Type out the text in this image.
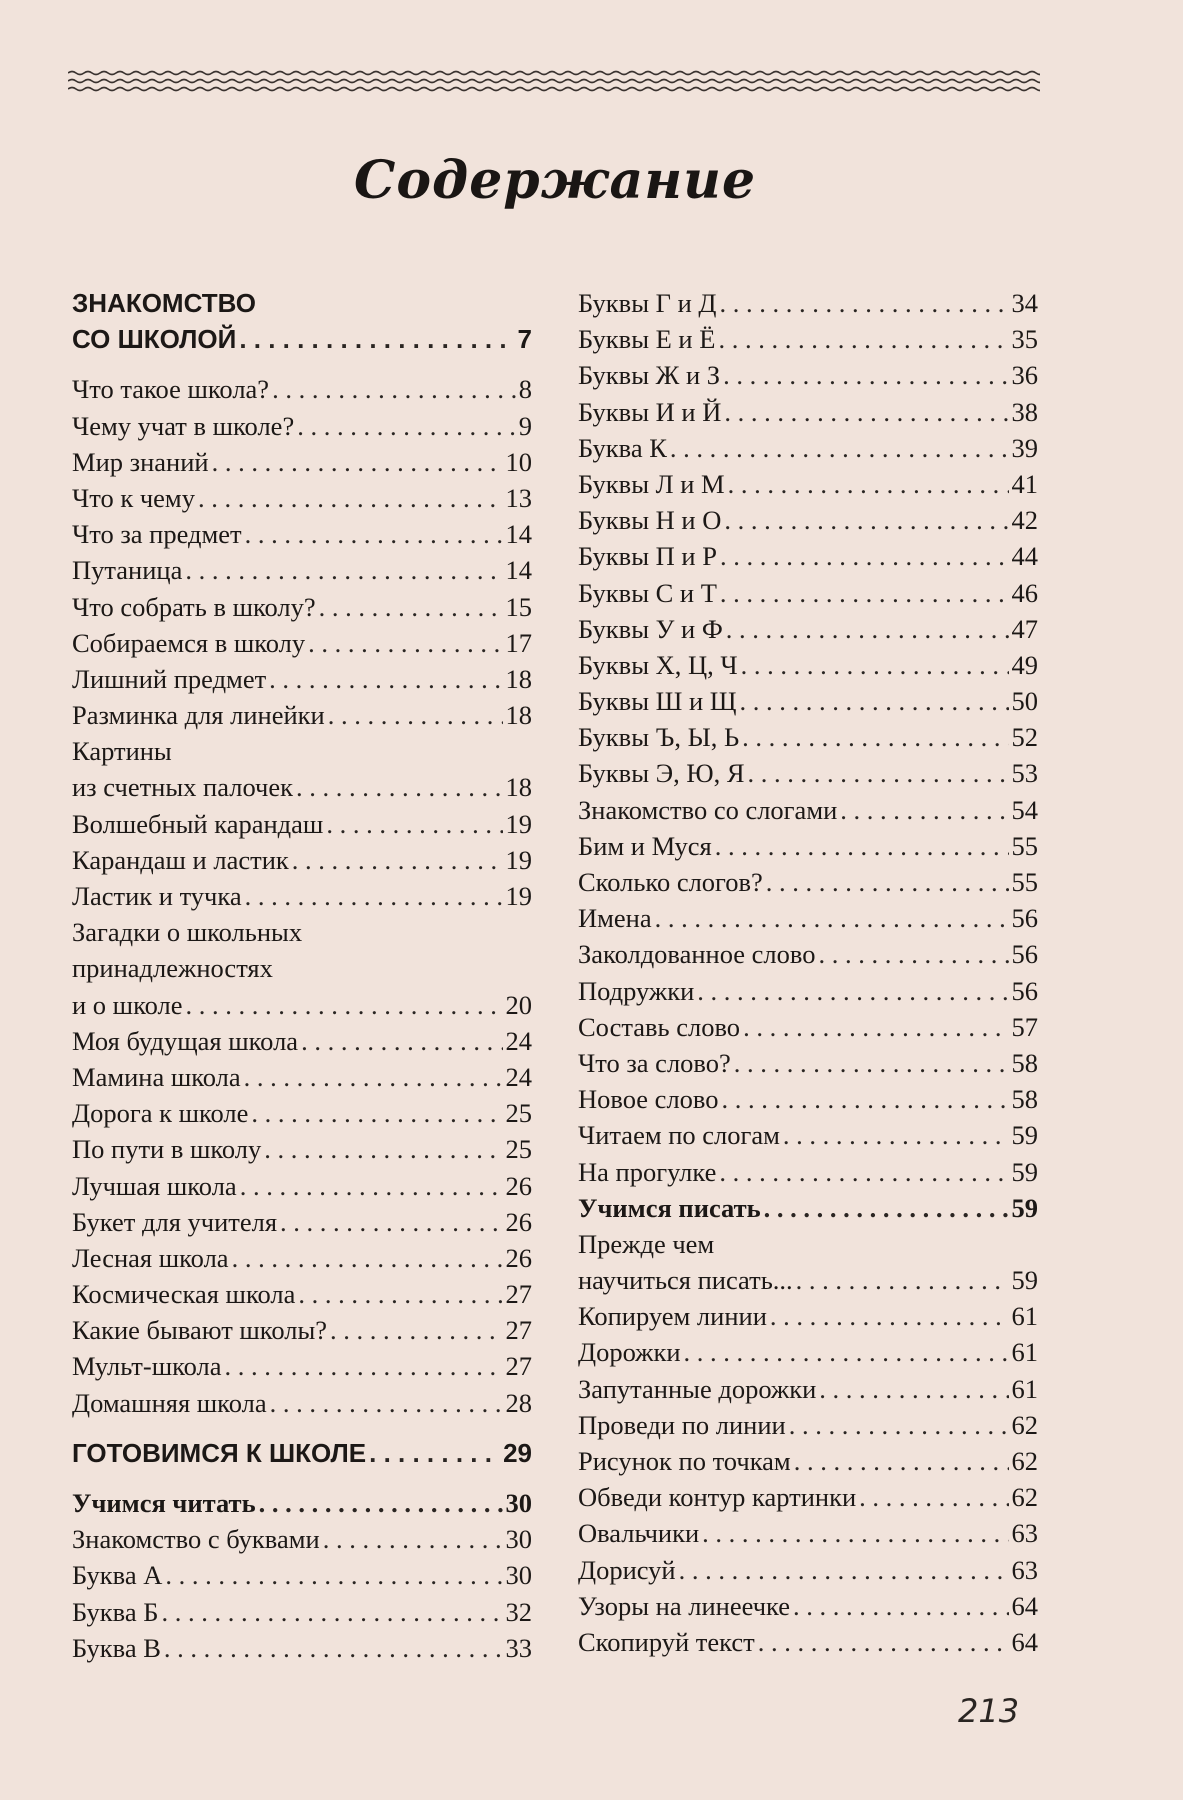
Содержание
ЗНАКОМСТВО
СО ШКОЛОЙ . . .	7
Что такое школа? . . .	8
Чему учат в школе? . . .	9
Мир знаний . . .	10
Что к чему . . .	13
Что за предмет . . .	14
Путаница . . .	14
Что собрать в школу? . . .	15
Собираемся в школу . . .	17
Лишний предмет . . .	18
Разминка для линейки . . .	18
Картины
из счетных палочек . . .	18
Волшебный карандаш . . .	19
Карандаш и ластик . . .	19
Ластик и тучка . . .	19
Загадки о школьных
принадлежностях
и о школе . . .	20
Моя будущая школа . . .	24
Мамина школа . . .	24
Дорога к школе . . .	25
По пути в школу . . .	25
Лучшая школа . . .	26
Букет для учителя . . .	26
Лесная школа . . .	26
Космическая школа . . .	27
Какие бывают школы? . . .	27
Мульт-школа . . .	27
Домашняя школа . . .	28
ГОТОВИМСЯ К ШКОЛЕ . . .	29
Учимся читать . . .	30
Знакомство с буквами . . .	30
Буква А . . .	30
Буква Б . . .	32
Буква В . . .	33
Буквы Г и Д . . .	34
Буквы Е и Ё . . .	35
Буквы Ж и З . . .	36
Буквы И и Й . . .	38
Буква К . . .	39
Буквы Л и М . . .	41
Буквы Н и О . . .	42
Буквы П и Р . . .	44
Буквы С и Т . . .	46
Буквы У и Ф . . .	47
Буквы Х, Ц, Ч . . .	49
Буквы Ш и Щ . . .	50
Буквы Ъ, Ы, Ь . . .	52
Буквы Э, Ю, Я . . .	53
Знакомство со слогами . . .	54
Бим и Муся . . .	55
Сколько слогов? . . .	55
Имена . . .	56
Заколдованное слово . . .	56
Подружки . . .	56
Составь слово . . .	57
Что за слово? . . .	58
Новое слово . . .	58
Читаем по слогам . . .	59
На прогулке . . .	59
Учимся писать . . .	59
Прежде чем
научиться писать... . . .	59
Копируем линии . . .	61
Дорожки . . .	61
Запутанные дорожки . . .	61
Проведи по линии . . .	62
Рисунок по точкам . . .	62
Обведи контур картинки . . .	62
Овальчики . . .	63
Дорисуй . . .	63
Узоры на линеечке . . .	64
Скопируй текст . . .	64
213
